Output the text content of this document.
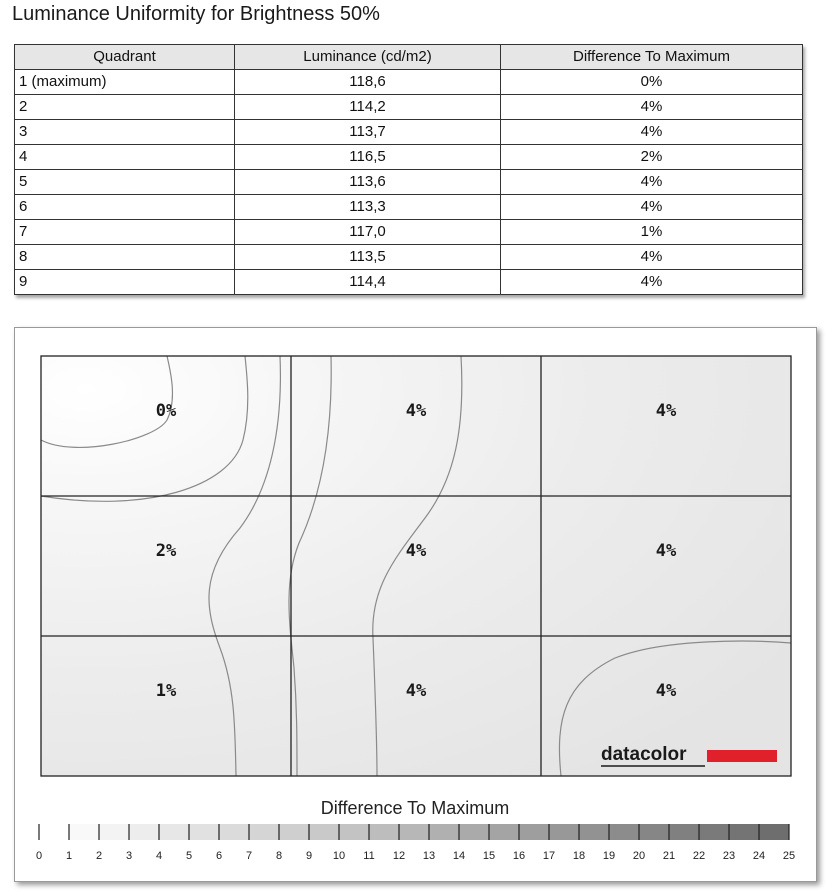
Luminance Uniformity for Brightness 50%
Quadrant	Luminance (cd/m2)	Difference To Maximum
1 (maximum)	118,6	0%
2	114,2	4%
3	113,7	4%
4	116,5	2%
5	113,6	4%
6	113,3	4%
7	117,0	1%
8	113,5	4%
9	114,4	4%
0%	4%	4%
2%	4%	4%
1%	4%	4%
datacolor
Difference To Maximum
0 1 2 3 4 5 6 7 8 9 10 11 12 13 14 15 16 17 18 19 20 21 22 23 24 25
